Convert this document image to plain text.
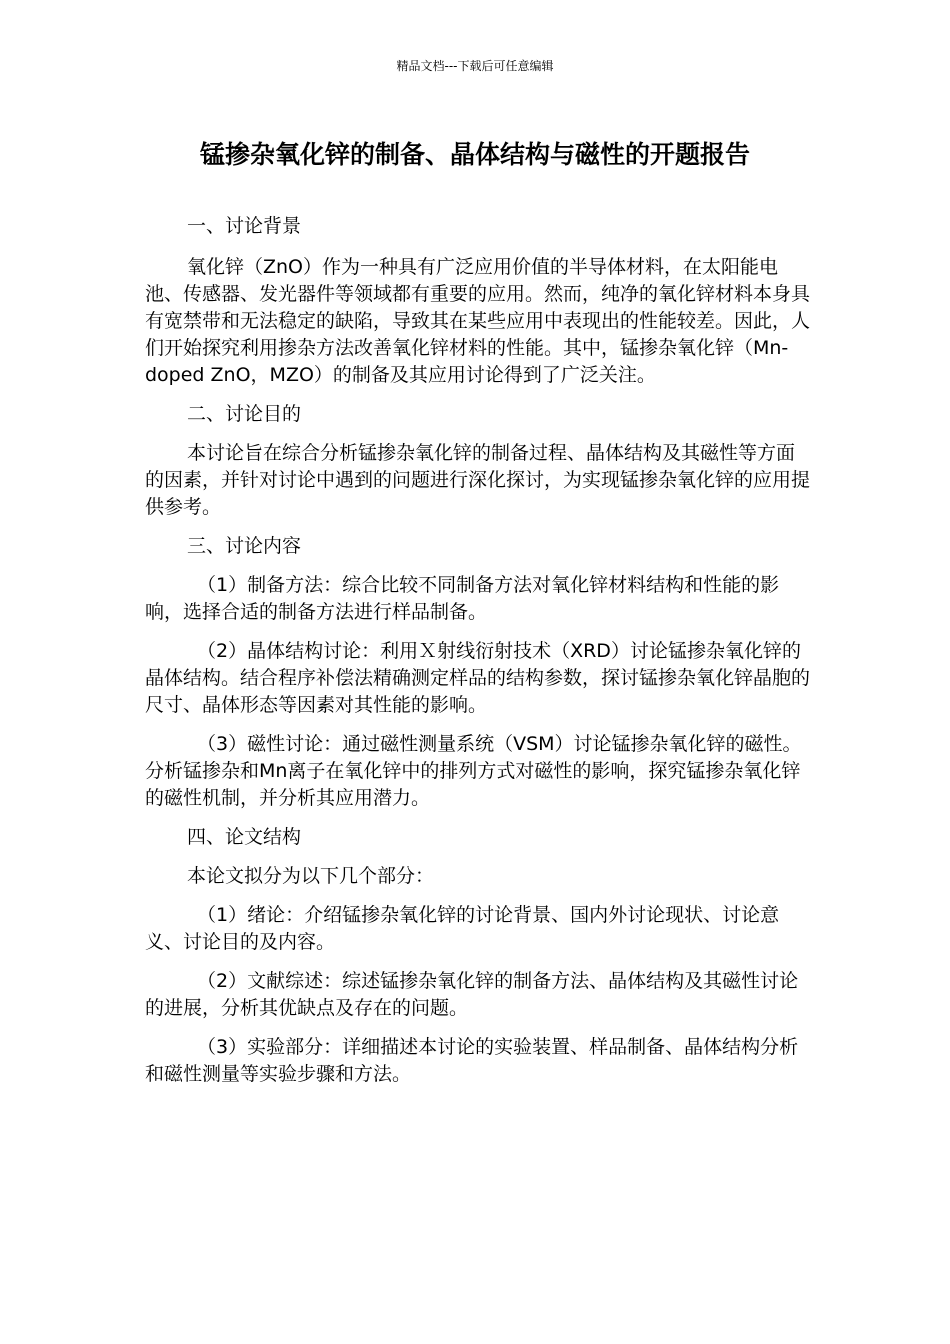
精品文档---下载后可任意编辑
锰掺杂氧化锌的制备、晶体结构与磁性的开题报告

一、讨论背景

氧化锌（ZnO）作为一种具有广泛应用价值的半导体材料，在太阳能电池、传感器、发光器件等领域都有重要的应用。然而，纯净的氧化锌材料本身具有宽禁带和无法稳定的缺陷，导致其在某些应用中表现出的性能较差。因此，人们开始探究利用掺杂方法改善氧化锌材料的性能。其中，锰掺杂氧化锌（Mn-doped ZnO，MZO）的制备及其应用讨论得到了广泛关注。

二、讨论目的

本讨论旨在综合分析锰掺杂氧化锌的制备过程、晶体结构及其磁性等方面的因素，并针对讨论中遇到的问题进行深化探讨，为实现锰掺杂氧化锌的应用提供参考。

三、讨论内容

（1）制备方法：综合比较不同制备方法对氧化锌材料结构和性能的影响，选择合适的制备方法进行样品制备。

（2）晶体结构讨论：利用Ｘ射线衍射技术（XRD）讨论锰掺杂氧化锌的晶体结构。结合程序补偿法精确测定样品的结构参数，探讨锰掺杂氧化锌晶胞的尺寸、晶体形态等因素对其性能的影响。

（3）磁性讨论：通过磁性测量系统（VSM）讨论锰掺杂氧化锌的磁性。分析锰掺杂和Mn离子在氧化锌中的排列方式对磁性的影响，探究锰掺杂氧化锌的磁性机制，并分析其应用潜力。

四、论文结构

本论文拟分为以下几个部分：

（1）绪论：介绍锰掺杂氧化锌的讨论背景、国内外讨论现状、讨论意义、讨论目的及内容。

（2）文献综述：综述锰掺杂氧化锌的制备方法、晶体结构及其磁性讨论的进展，分析其优缺点及存在的问题。

（3）实验部分：详细描述本讨论的实验装置、样品制备、晶体结构分析和磁性测量等实验步骤和方法。
